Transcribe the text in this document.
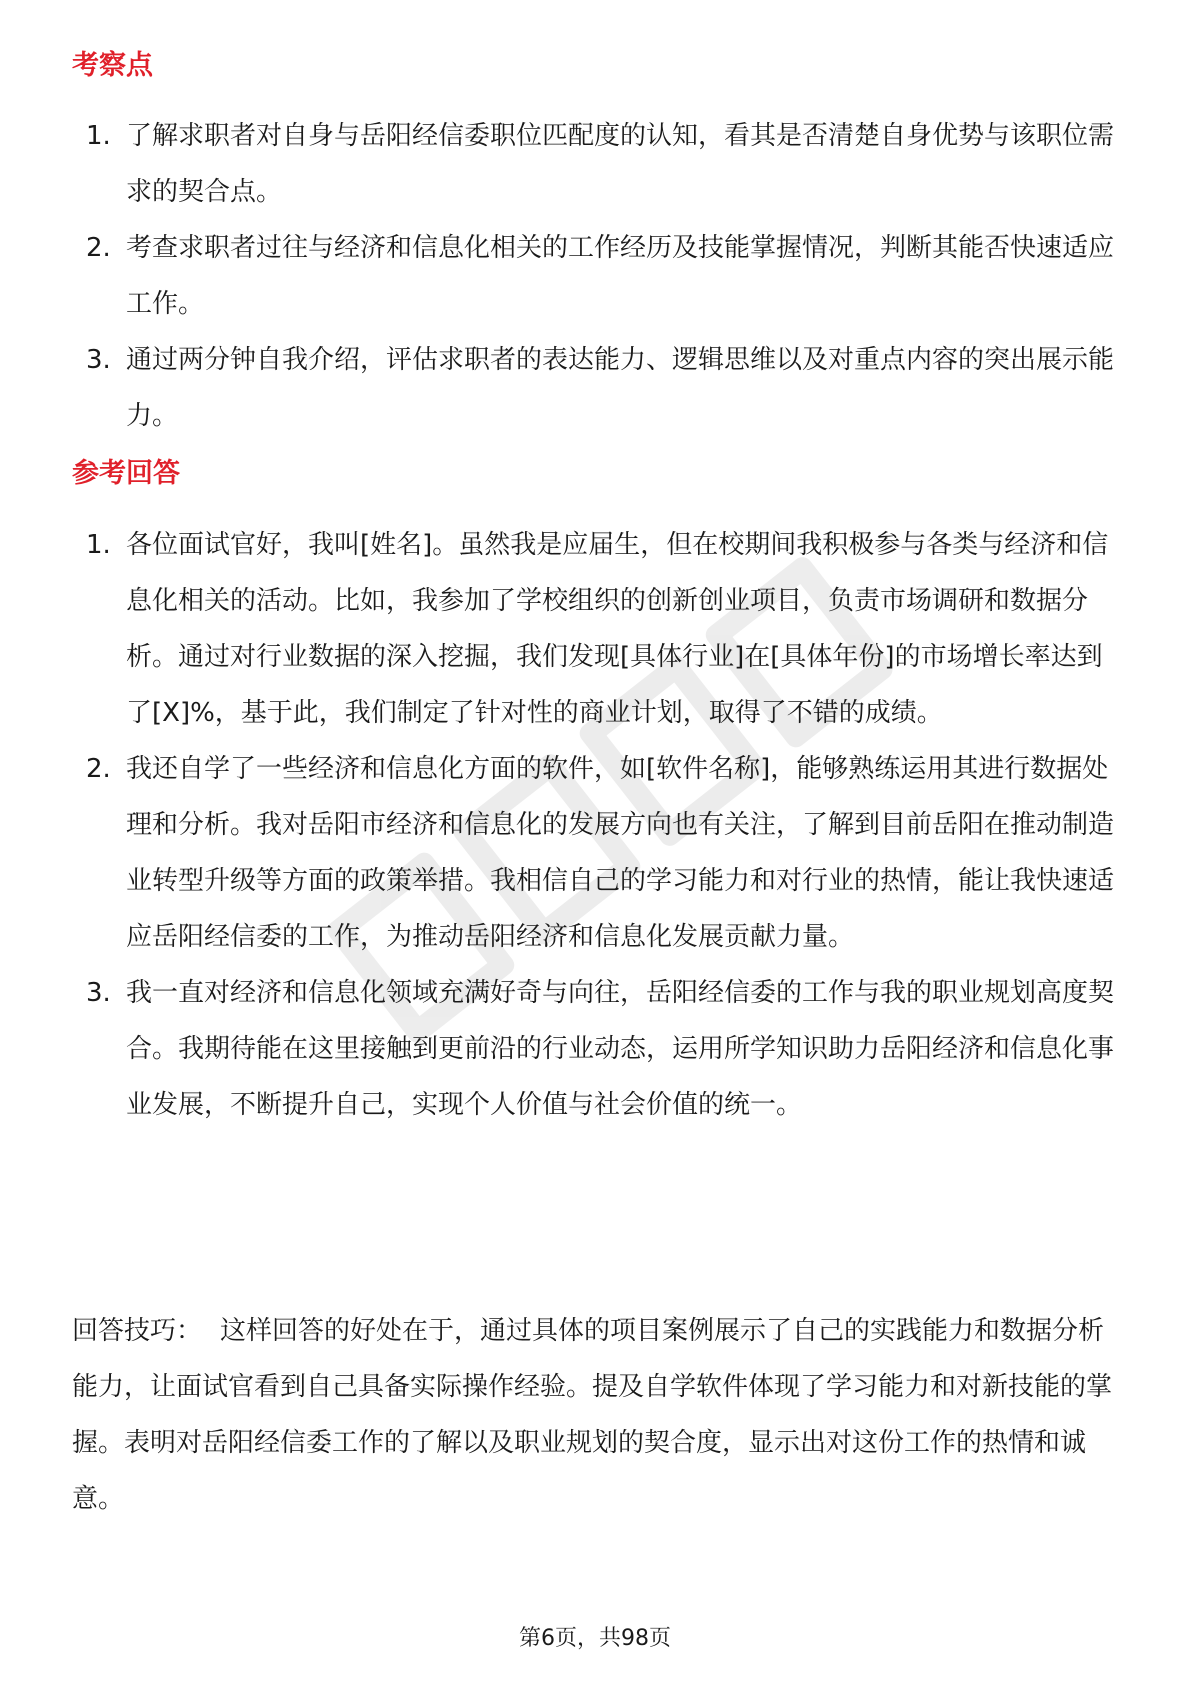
考察点
1. 了解求职者对自身与岳阳经信委职位匹配度的认知，看其是否清楚自身优势与该职位需求的契合点。
2. 考查求职者过往与经济和信息化相关的工作经历及技能掌握情况，判断其能否快速适应工作。
3. 通过两分钟自我介绍，评估求职者的表达能力、逻辑思维以及对重点内容的突出展示能力。
参考回答
1. 各位面试官好，我叫[姓名]。虽然我是应届生，但在校期间我积极参与各类与经济和信息化相关的活动。比如，我参加了学校组织的创新创业项目，负责市场调研和数据分析。通过对行业数据的深入挖掘，我们发现[具体行业]在[具体年份]的市场增长率达到了[X]%，基于此，我们制定了针对性的商业计划，取得了不错的成绩。
2. 我还自学了一些经济和信息化方面的软件，如[软件名称]，能够熟练运用其进行数据处理和分析。我对岳阳市经济和信息化的发展方向也有关注，了解到目前岳阳在推动制造业转型升级等方面的政策举措。我相信自己的学习能力和对行业的热情，能让我快速适应岳阳经信委的工作，为推动岳阳经济和信息化发展贡献力量。
3. 我一直对经济和信息化领域充满好奇与向往，岳阳经信委的工作与我的职业规划高度契合。我期待能在这里接触到更前沿的行业动态，运用所学知识助力岳阳经济和信息化事业发展，不断提升自己，实现个人价值与社会价值的统一。

回答技巧： 这样回答的好处在于，通过具体的项目案例展示了自己的实践能力和数据分析能力，让面试官看到自己具备实际操作经验。提及自学软件体现了学习能力和对新技能的掌握。表明对岳阳经信委工作的了解以及职业规划的契合度，显示出对这份工作的热情和诚意。

第6页，共98页
